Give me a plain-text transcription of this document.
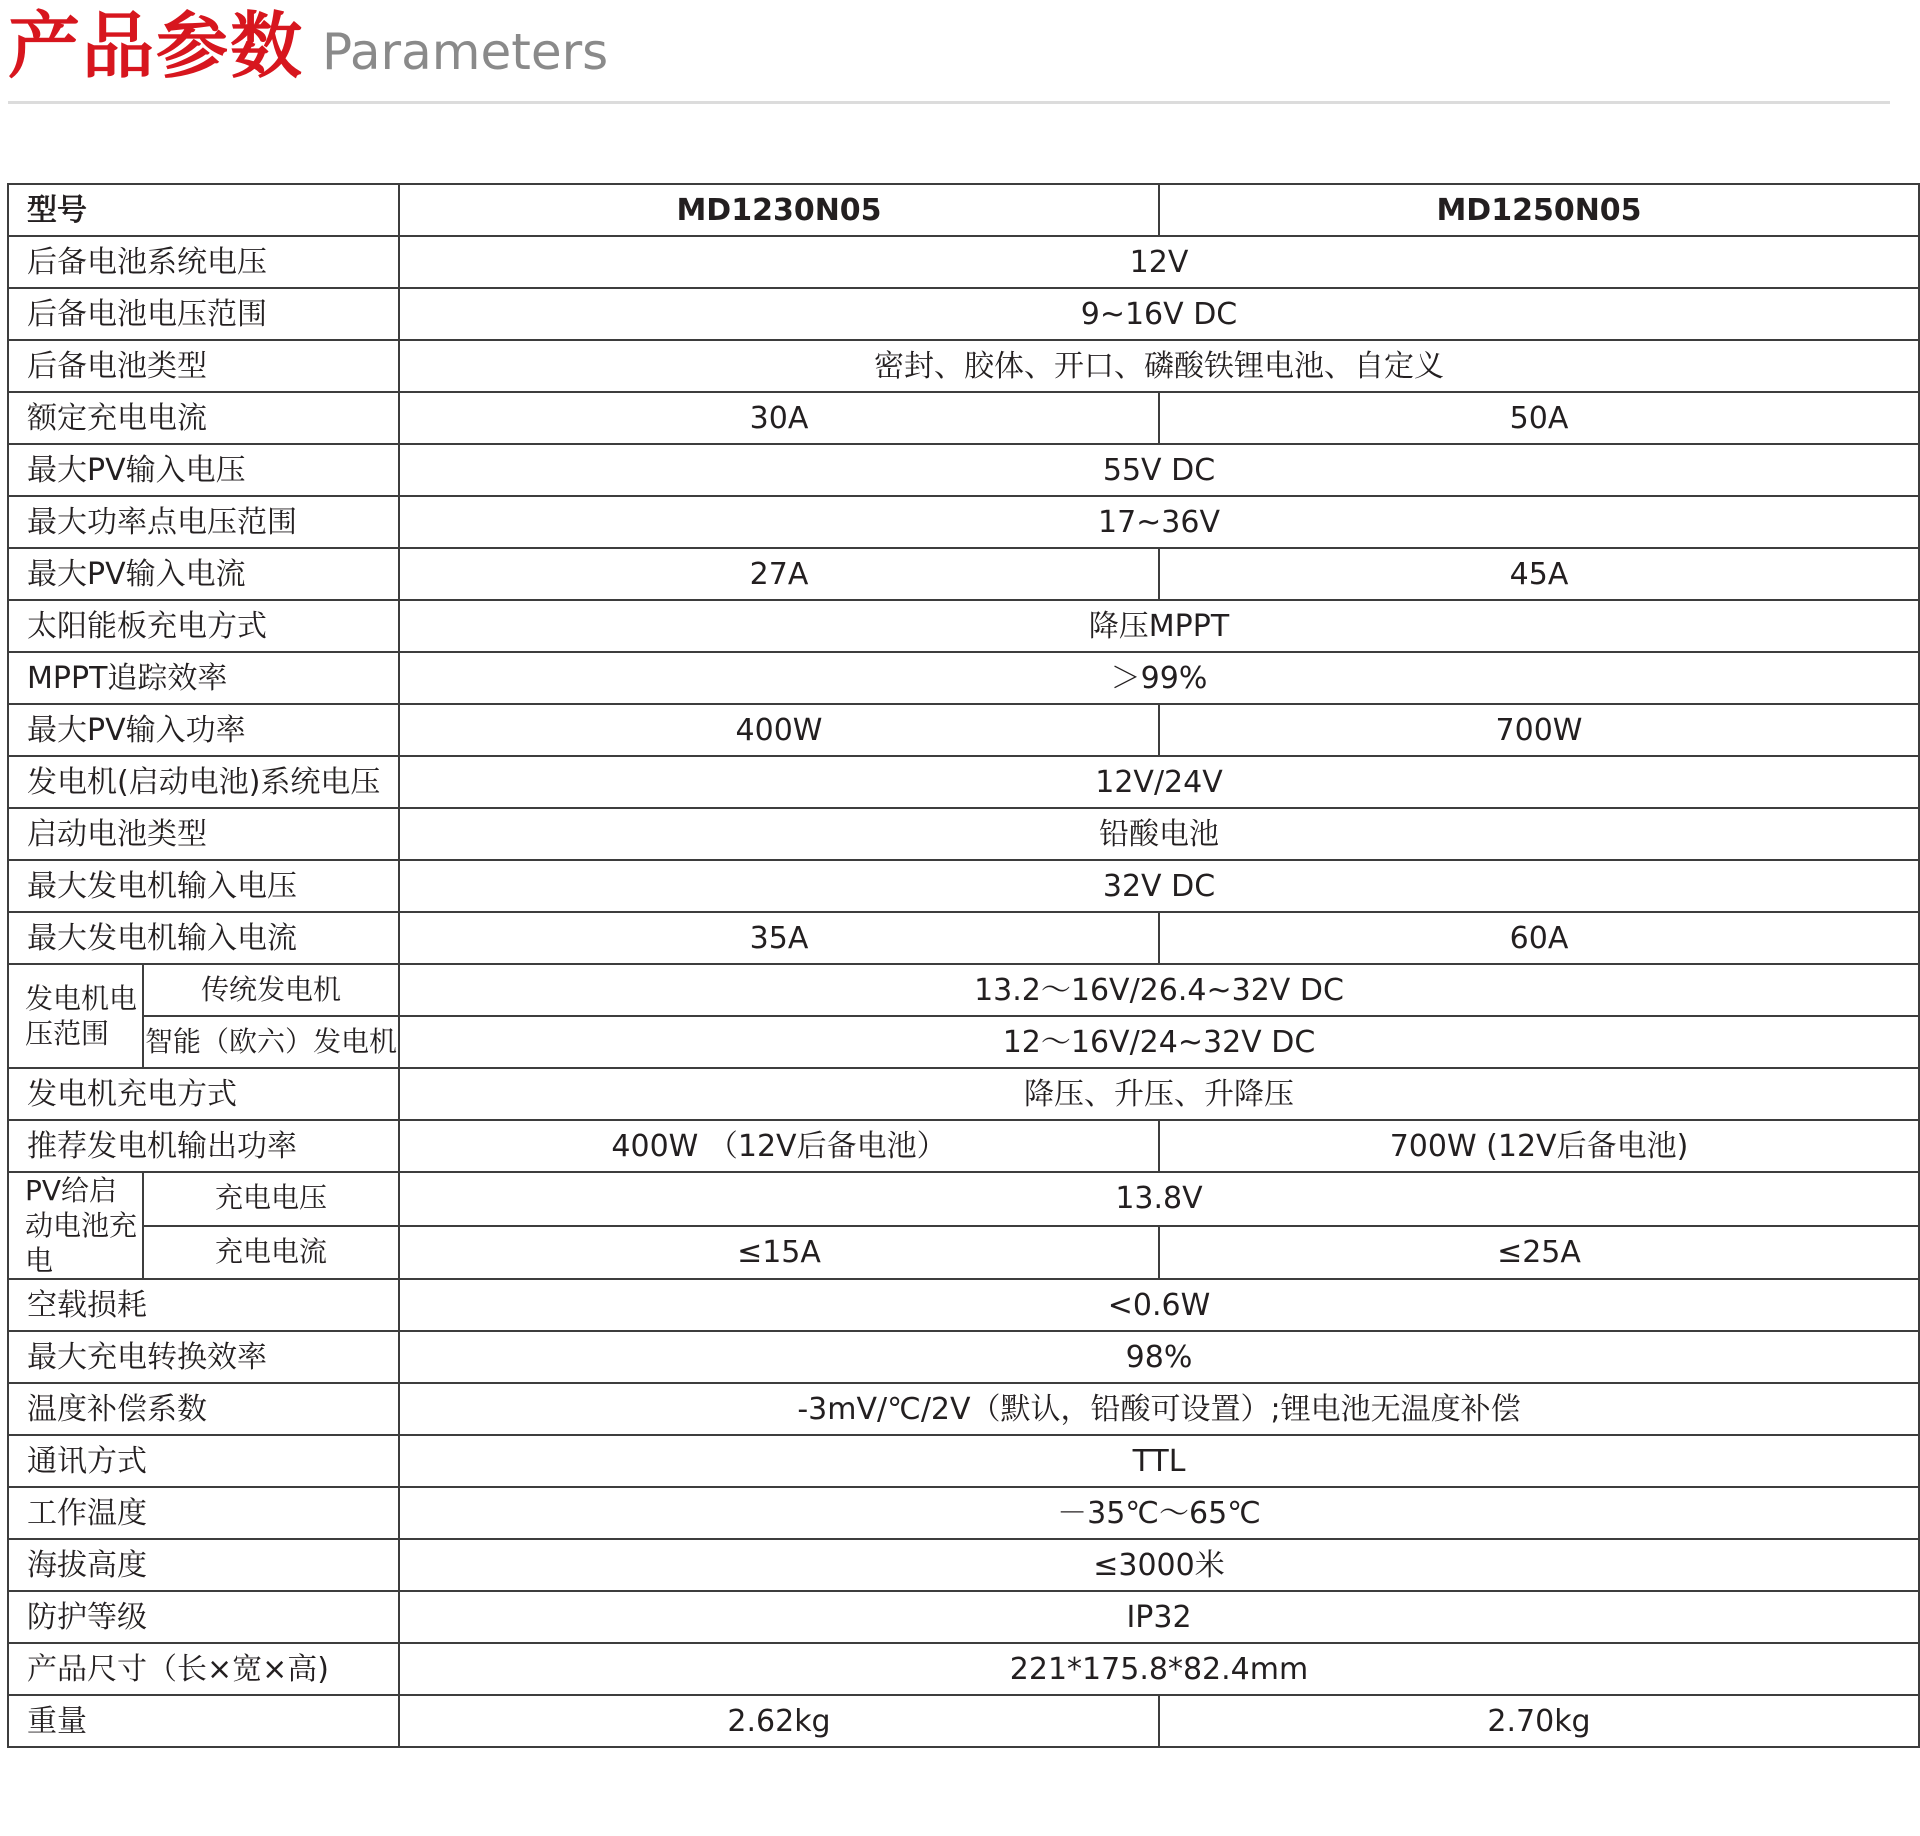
产品参数 Parameters
型号		MD1230N05	MD1250N05
后备电池系统电压		12V	
后备电池电压范围		9~16V DC	
后备电池类型		密封、胶体、开口、磷酸铁锂电池、自定义	
额定充电电流		30A	50A
最大PV输入电压		55V DC	
最大功率点电压范围		17~36V	
最大PV输入电流		27A	45A
太阳能板充电方式		降压MPPT	
MPPT追踪效率		＞99%	
最大PV输入功率		400W	700W
发电机(启动电池)系统电压		12V/24V	
启动电池类型		铅酸电池	
最大发电机输入电压		32V DC	
最大发电机输入电流		35A	60A
发电机电压范围	传统发电机	13.2～16V/26.4~32V DC	
	智能（欧六）发电机	12～16V/24~32V DC	
发电机充电方式		降压、升压、升降压	
推荐发电机输出功率		400W （12V后备电池）	700W (12V后备电池)
PV给启动电池充电	充电电压	13.8V	
	充电电流	≤15A	≤25A
空载损耗		<0.6W	
最大充电转换效率		98%	
温度补偿系数		-3mV/℃/2V（默认，铅酸可设置）;锂电池无温度补偿	
通讯方式		TTL	
工作温度		－35℃～65℃	
海拔高度		≤3000米	
防护等级		IP32	
产品尺寸（长×宽×高)		221*175.8*82.4mm	
重量		2.62kg	2.70kg
